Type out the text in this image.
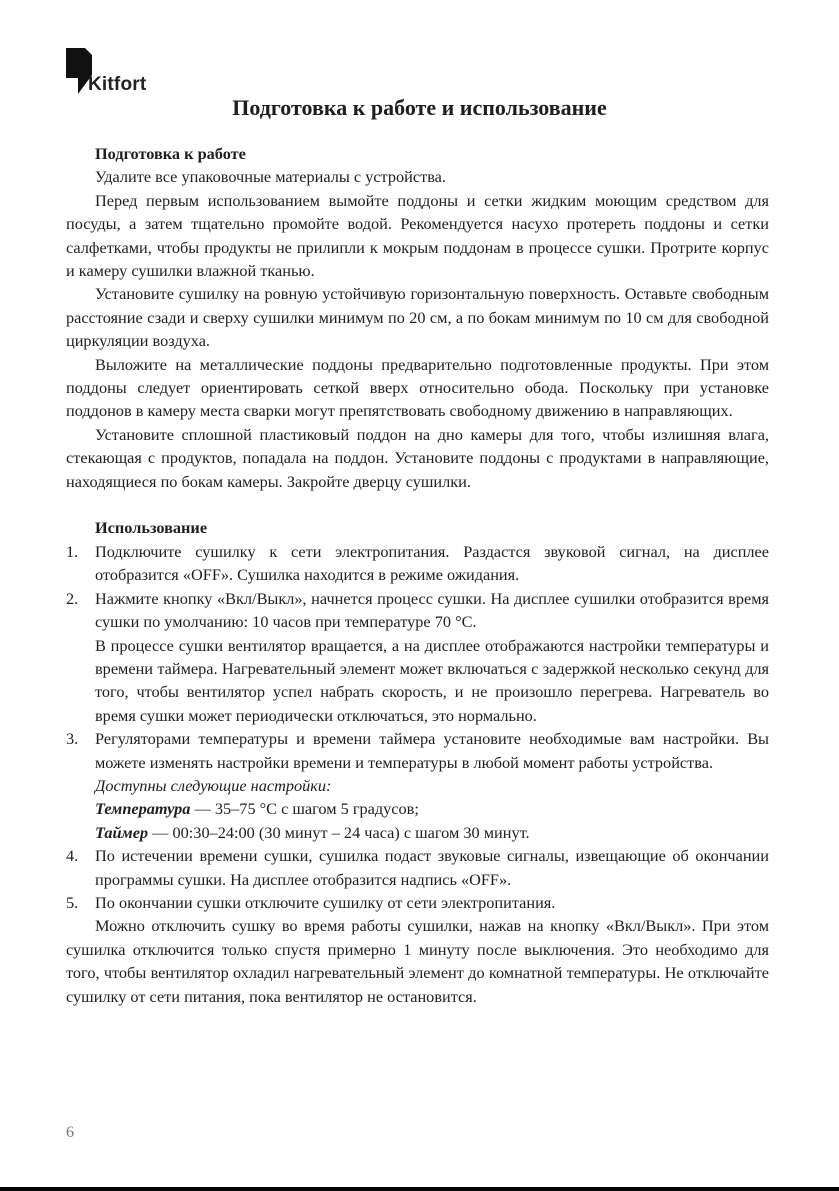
Kitfort
Подготовка к работе и использование

Подготовка к работе

Удалите все упаковочные материалы с устройства.

Перед первым использованием вымойте поддоны и сетки жидким моющим средством для посуды, а затем тщательно промойте водой. Рекомендуется насухо протереть поддоны и сетки салфетками, чтобы продукты не прилипли к мокрым поддонам в процессе сушки. Протрите корпус и камеру сушилки влажной тканью.

Установите сушилку на ровную устойчивую горизонтальную поверхность. Оставьте свободным расстояние сзади и сверху сушилки минимум по 20 см, а по бокам минимум по 10 см для свободной циркуляции воздуха.

Выложите на металлические поддоны предварительно подготовленные продукты. При этом поддоны следует ориентировать сеткой вверх относительно обода. Поскольку при установке поддонов в камеру места сварки могут препятствовать свободному движению в направляющих.

Установите сплошной пластиковый поддон на дно камеры для того, чтобы излишняя влага, стекающая с продуктов, попадала на поддон. Установите поддоны с продуктами в направляющие, находящиеся по бокам камеры. Закройте дверцу сушилки.

Использование

1. Подключите сушилку к сети электропитания. Раздастся звуковой сигнал, на дисплее отобразится «OFF». Сушилка находится в режиме ожидания.

2. Нажмите кнопку «Вкл/Выкл», начнется процесс сушки. На дисплее сушилки отобразится время сушки по умолчанию: 10 часов при температуре 70 °С.

В процессе сушки вентилятор вращается, а на дисплее отображаются настройки температуры и времени таймера. Нагревательный элемент может включаться с задержкой несколько секунд для того, чтобы вентилятор успел набрать скорость, и не произошло перегрева. Нагреватель во время сушки может периодически отключаться, это нормально.

3. Регуляторами температуры и времени таймера установите необходимые вам настройки. Вы можете изменять настройки времени и температуры в любой момент работы устройства.

Доступны следующие настройки:

Температура — 35–75 °С с шагом 5 градусов;

Таймер — 00:30–24:00 (30 минут – 24 часа) с шагом 30 минут.

4. По истечении времени сушки, сушилка подаст звуковые сигналы, извещающие об окончании программы сушки. На дисплее отобразится надпись «OFF».

5. По окончании сушки отключите сушилку от сети электропитания.

Можно отключить сушку во время работы сушилки, нажав на кнопку «Вкл/Выкл». При этом сушилка отключится только спустя примерно 1 минуту после выключения. Это необходимо для того, чтобы вентилятор охладил нагревательный элемент до комнатной температуры. Не отключайте сушилку от сети питания, пока вентилятор не остановится.

6
